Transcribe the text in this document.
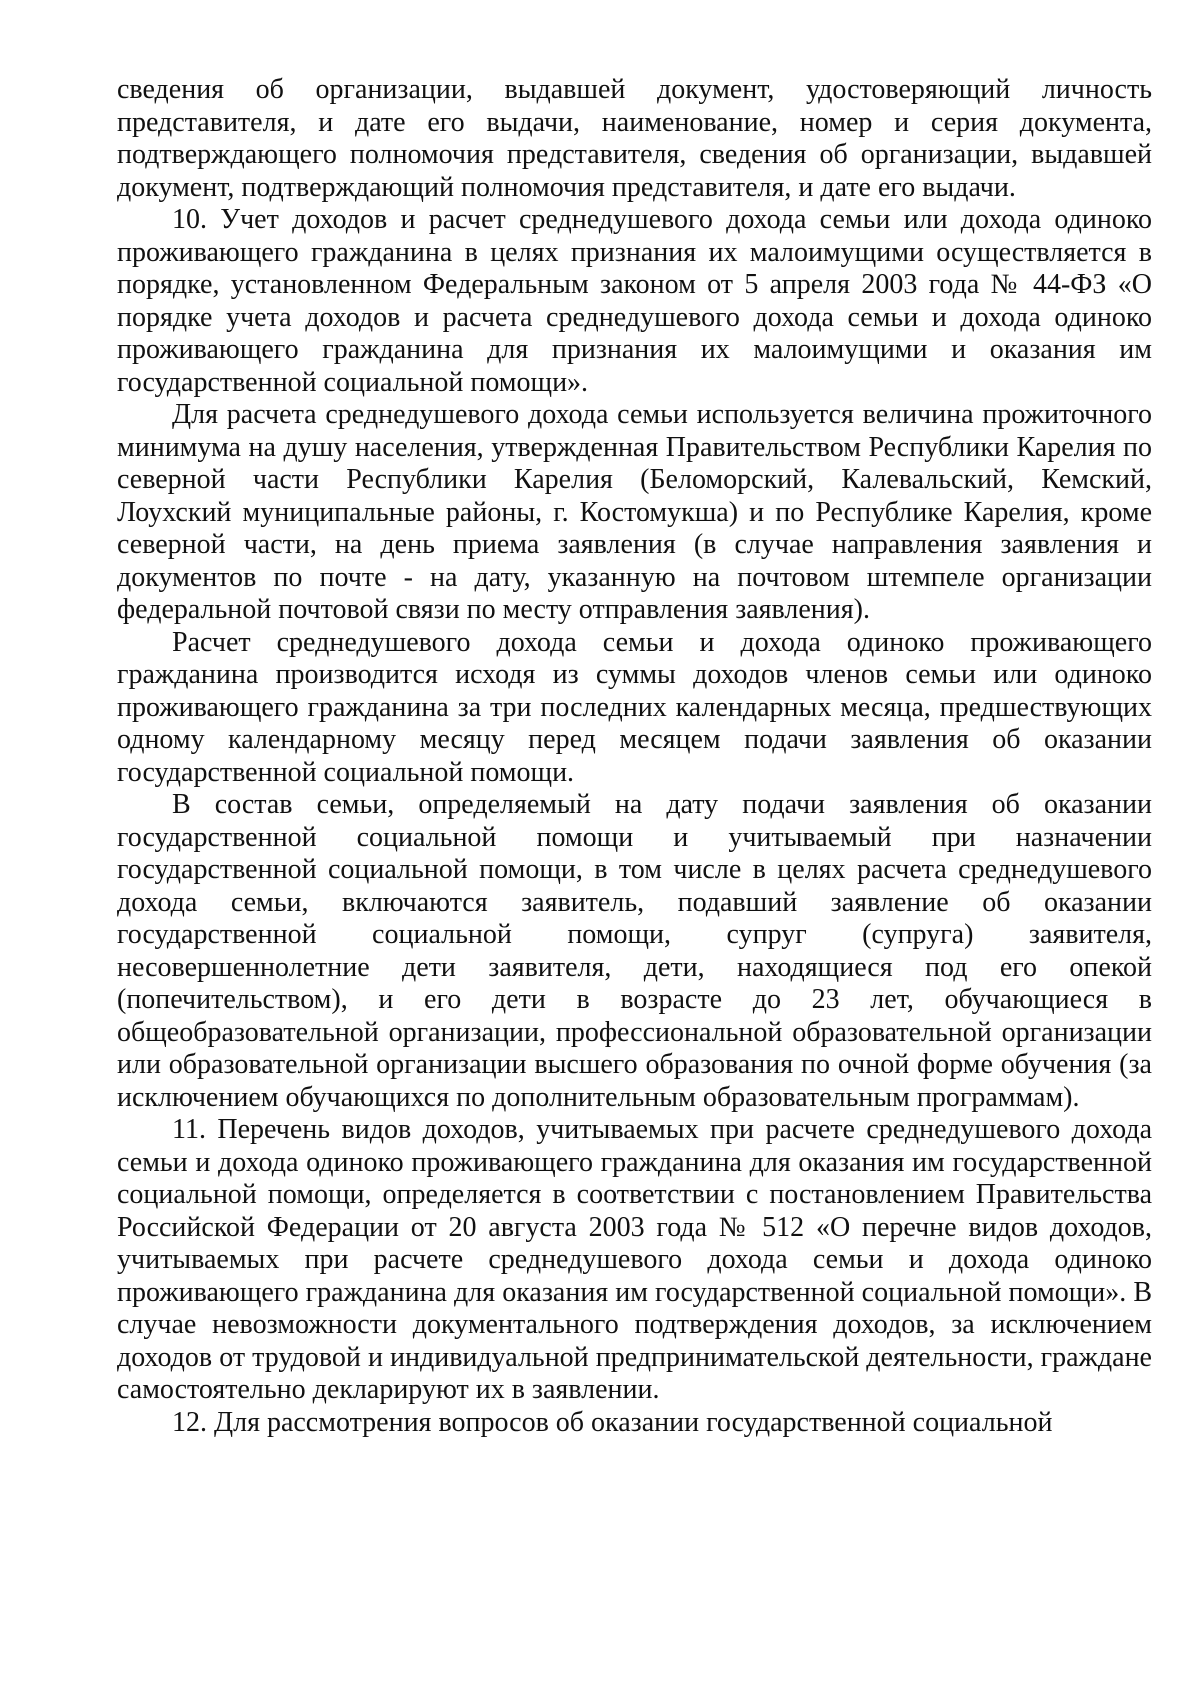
сведения об организации, выдавшей документ, удостоверяющий личность представителя, и дате его выдачи, наименование, номер и серия документа, подтверждающего полномочия представителя, сведения об организации, выдавшей документ, подтверждающий полномочия представителя, и дате его выдачи.

10. Учет доходов и расчет среднедушевого дохода семьи или дохода одиноко проживающего гражданина в целях признания их малоимущими осуществляется в порядке, установленном Федеральным законом от 5 апреля 2003 года № 44-ФЗ «О порядке учета доходов и расчета среднедушевого дохода семьи и дохода одиноко проживающего гражданина для признания их малоимущими и оказания им государственной социальной помощи».

Для расчета среднедушевого дохода семьи используется величина прожиточного минимума на душу населения, утвержденная Правительством Республики Карелия по северной части Республики Карелия (Беломорский, Калевальский, Кемский, Лоухский муниципальные районы, г. Костомукша) и по Республике Карелия, кроме северной части, на день приема заявления (в случае направления заявления и документов по почте - на дату, указанную на почтовом штемпеле организации федеральной почтовой связи по месту отправления заявления).

Расчет среднедушевого дохода семьи и дохода одиноко проживающего гражданина производится исходя из суммы доходов членов семьи или одиноко проживающего гражданина за три последних календарных месяца, предшествующих одному календарному месяцу перед месяцем подачи заявления об оказании государственной социальной помощи.

В состав семьи, определяемый на дату подачи заявления об оказании государственной социальной помощи и учитываемый при назначении государственной социальной помощи, в том числе в целях расчета среднедушевого дохода семьи, включаются заявитель, подавший заявление об оказании государственной социальной помощи, супруг (супруга) заявителя, несовершеннолетние дети заявителя, дети, находящиеся под его опекой (попечительством), и его дети в возрасте до 23 лет, обучающиеся в общеобразовательной организации, профессиональной образовательной организации или образовательной организации высшего образования по очной форме обучения (за исключением обучающихся по дополнительным образовательным программам).

11. Перечень видов доходов, учитываемых при расчете среднедушевого дохода семьи и дохода одиноко проживающего гражданина для оказания им государственной социальной помощи, определяется в соответствии с постановлением Правительства Российской Федерации от 20 августа 2003 года № 512 «О перечне видов доходов, учитываемых при расчете среднедушевого дохода семьи и дохода одиноко проживающего гражданина для оказания им государственной социальной помощи». В случае невозможности документального подтверждения доходов, за исключением доходов от трудовой и индивидуальной предпринимательской деятельности, граждане самостоятельно декларируют их в заявлении.

12. Для рассмотрения вопросов об оказании государственной социальной
